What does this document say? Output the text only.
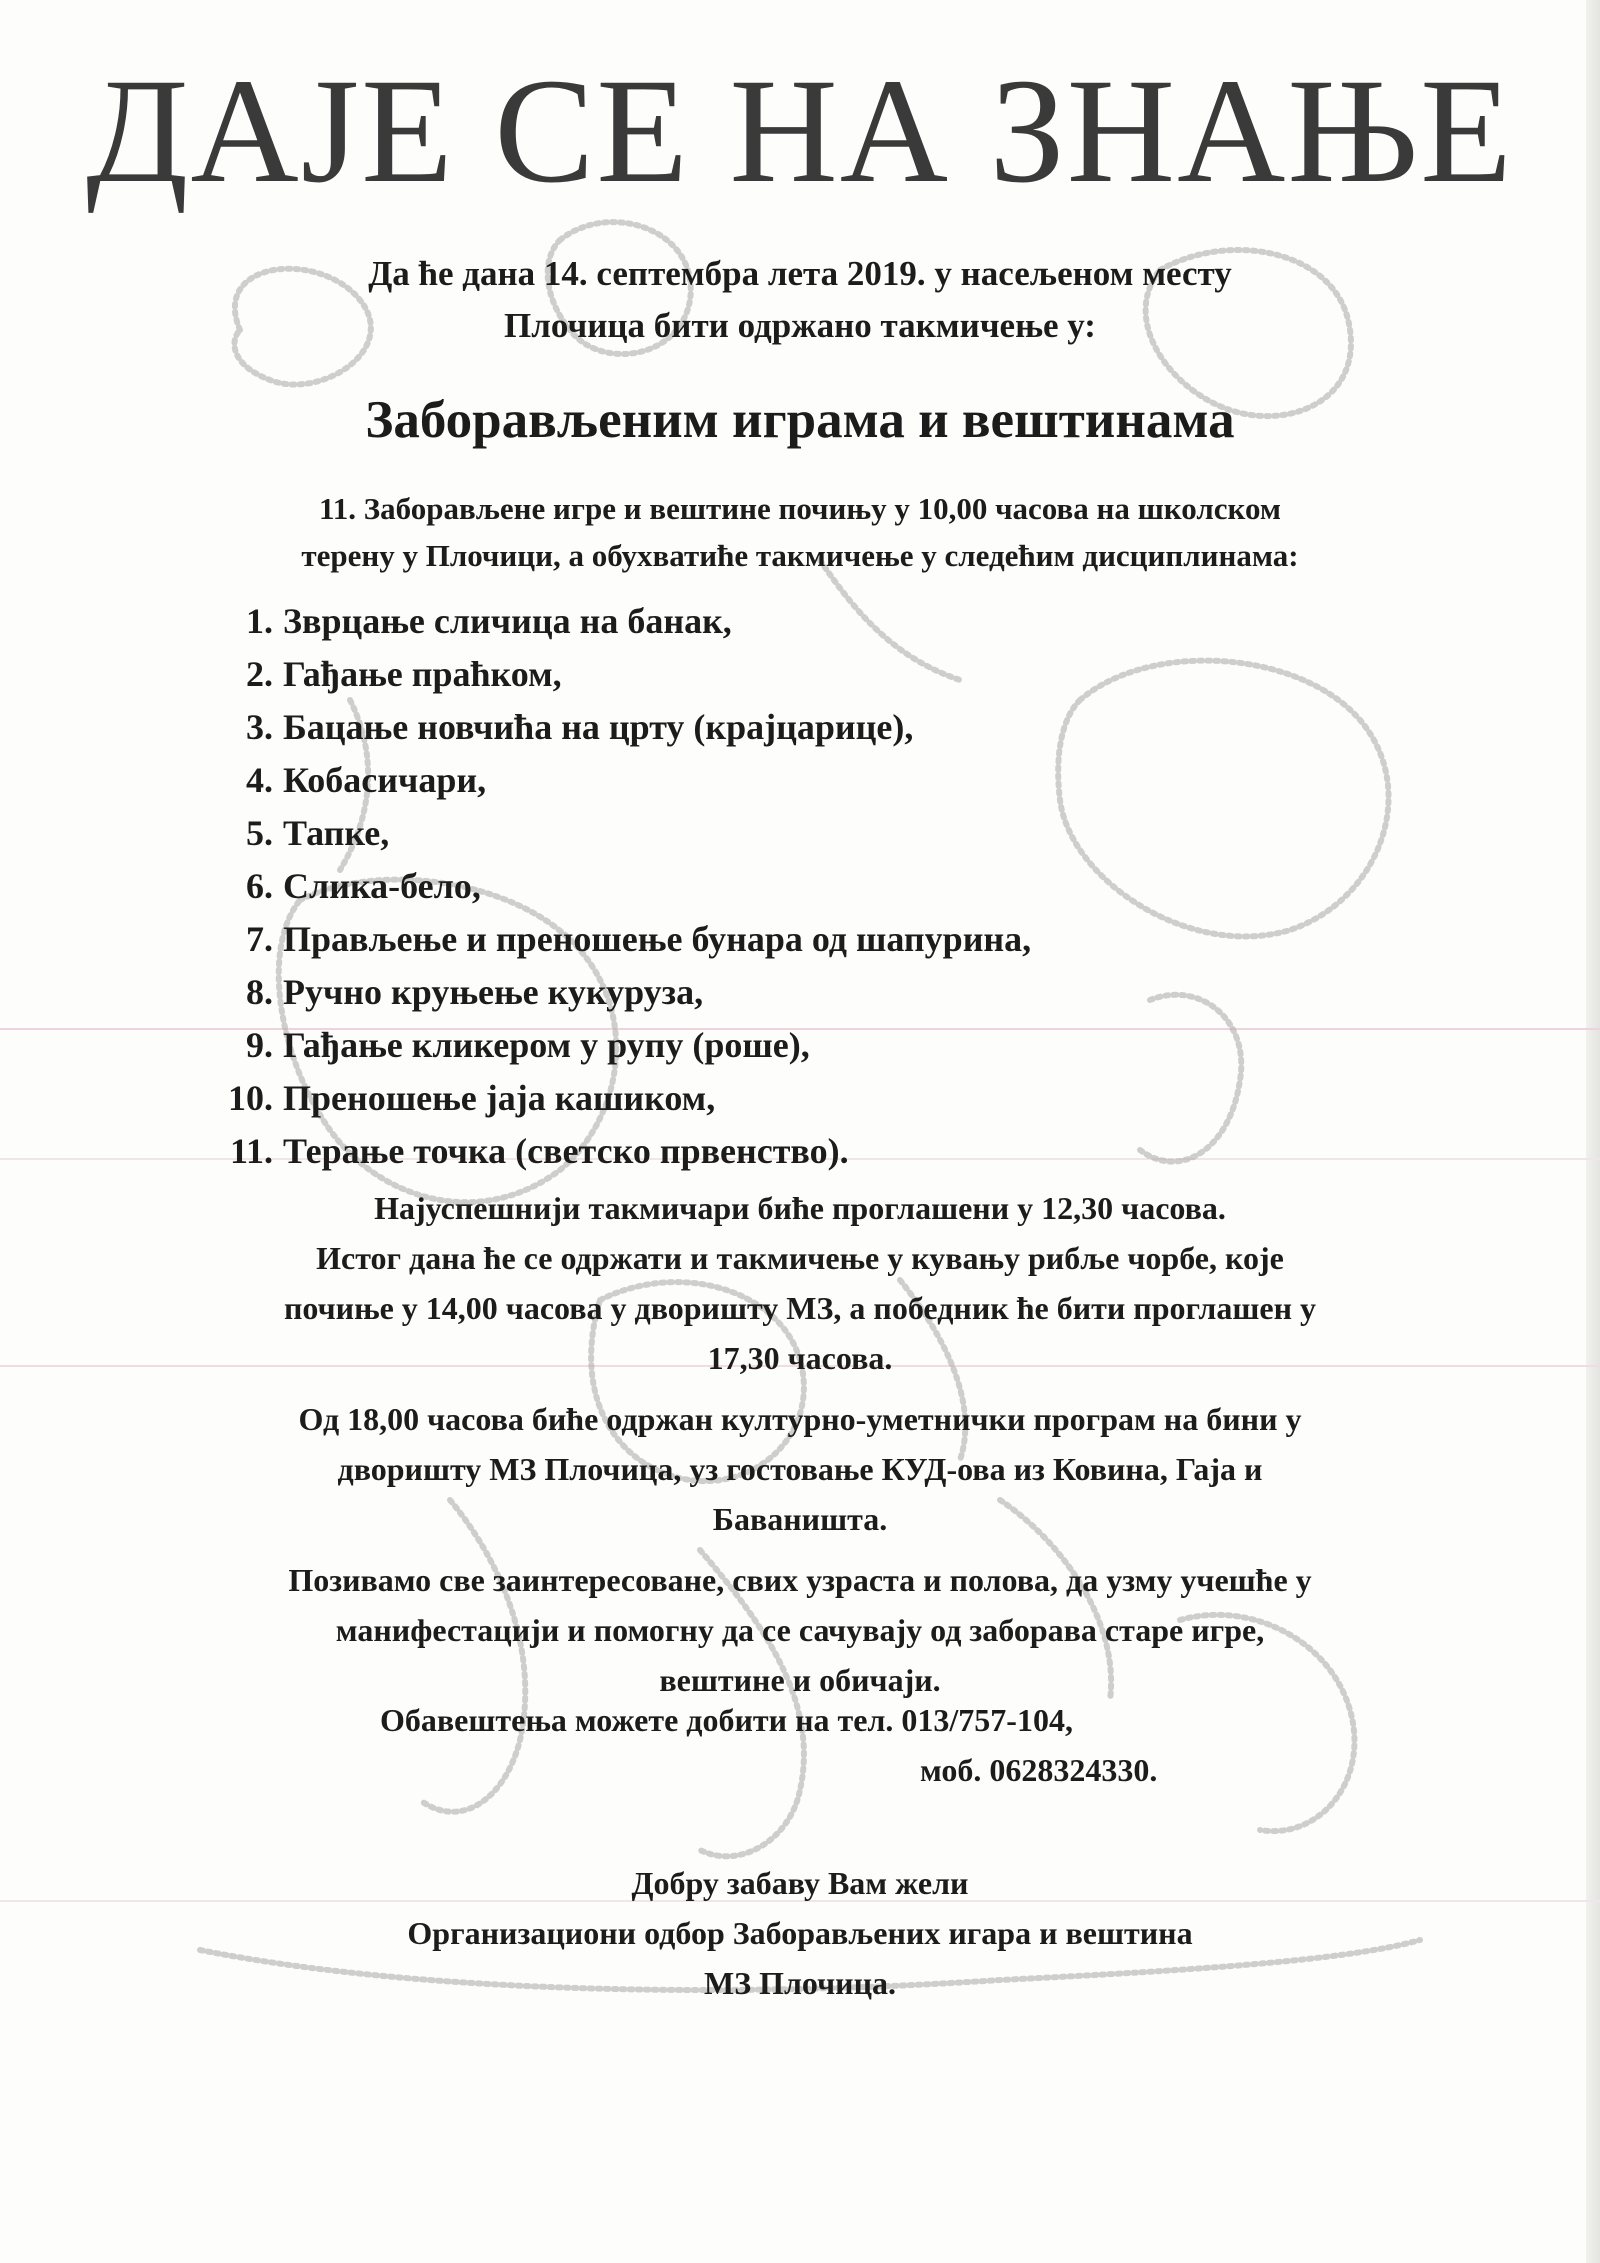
ДАЈЕ СЕ НА ЗНАЊЕ
Да ће дана 14. септембра лета 2019. у насељеном месту
Плочица бити одржано такмичење у:
Заборављеним играма и вештинама
11. Заборављене игре и вештине почињу у 10,00 часова на школском
терену у Плочици, а обухватиће такмичење у следећим дисциплинама:
1. Зврцање сличица на банак,
2. Гађање праћком,
3. Бацање новчића на црту (крајцарице),
4. Кобасичари,
5. Тапке,
6. Слика-бело,
7. Прављење и преношење бунара од шапурина,
8. Ручно круњење кукуруза,
9. Гађање кликером у рупу (роше),
10. Преношење јаја кашиком,
11. Терање точка (светско првенство).
Најуспешнији такмичари биће проглашени у 12,30 часова.
Истог дана ће се одржати и такмичење у кувању рибље чорбе, које
почиње у 14,00 часова у дворишту МЗ, а победник ће бити проглашен у
17,30 часова.
Од 18,00 часова биће одржан културно-уметнички програм на бини у
дворишту МЗ Плочица, уз гостовање КУД-ова из Ковина, Гаја и
Баваништа.
Позивамо све заинтересоване, свих узраста и полова, да узму учешће у
манифестацији и помогну да се сачувају од заборава старе игре,
вештине и обичаји.
Обавештења можете добити на тел. 013/757-104,
моб. 0628324330.
Добру забаву Вам жели
Организациони одбор Заборављених игара и вештина
МЗ Плочица.
